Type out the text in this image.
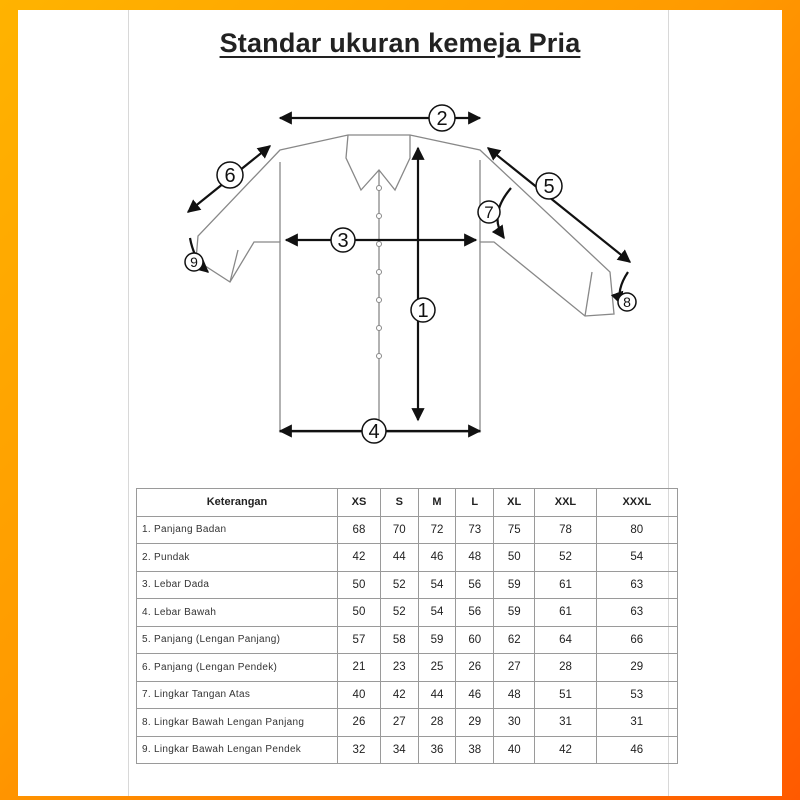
Standar ukuran kemeja Pria
1
2
3
4
5
6
7
8
9
Keterangan	XS	S	M	L	XL	XXL	XXXL
1. Panjang Badan	68	70	72	73	75	78	80
2. Pundak	42	44	46	48	50	52	54
3. Lebar Dada	50	52	54	56	59	61	63
4. Lebar Bawah	50	52	54	56	59	61	63
5. Panjang (Lengan Panjang)	57	58	59	60	62	64	66
6. Panjang (Lengan Pendek)	21	23	25	26	27	28	29
7. Lingkar Tangan Atas	40	42	44	46	48	51	53
8. Lingkar Bawah Lengan Panjang	26	27	28	29	30	31	31
9. Lingkar Bawah Lengan Pendek	32	34	36	38	40	42	46
